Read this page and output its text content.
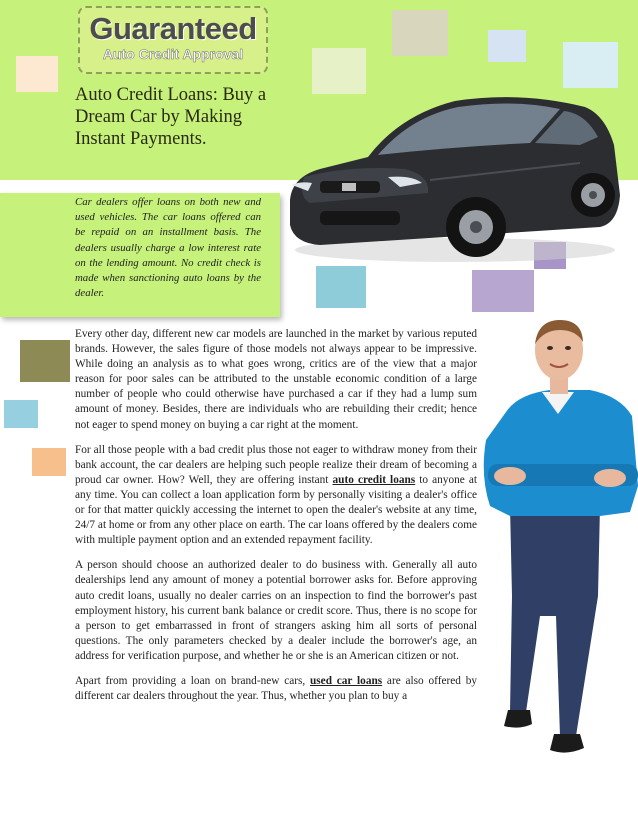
Guaranteed
Auto Credit Approval
Auto Credit Loans: Buy a Dream Car by Making Instant Payments.

Car dealers offer loans on both new and used vehicles. The car loans offered can be repaid on an installment basis. The dealers usually charge a low interest rate on the lending amount. No credit check is made when sanctioning auto loans by the dealer.

Every other day, different new car models are launched in the market by various reputed brands. However, the sales figure of those models not always appear to be impressive. While doing an analysis as to what goes wrong, critics are of the view that a major reason for poor sales can be attributed to the unstable economic condition of a large number of people who could otherwise have purchased a car if they had a lump sum amount of money. Besides, there are individuals who are rebuilding their credit; hence not eager to spend money on buying a car right at the moment.

For all those people with a bad credit plus those not eager to withdraw money from their bank account, the car dealers are helping such people realize their dream of becoming a proud car owner. How? Well, they are offering instant auto credit loans to anyone at any time. You can collect a loan application form by personally visiting a dealer's office or for that matter quickly accessing the internet to open the dealer's website at any time, 24/7 at home or from any other place on earth. The car loans offered by the dealers come with multiple payment option and an extended repayment facility.

A person should choose an authorized dealer to do business with. Generally all auto dealerships lend any amount of money a potential borrower asks for. Before approving auto credit loans, usually no dealer carries on an inspection to find the borrower's past employment history, his current bank balance or credit score. Thus, there is no scope for a person to get embarrassed in front of strangers asking him all sorts of personal questions. The only parameters checked by a dealer include the borrower's age, an address for verification purpose, and whether he or she is an American citizen or not.

Apart from providing a loan on brand-new cars, used car loans are also offered by different car dealers throughout the year. Thus, whether you plan to buy a
